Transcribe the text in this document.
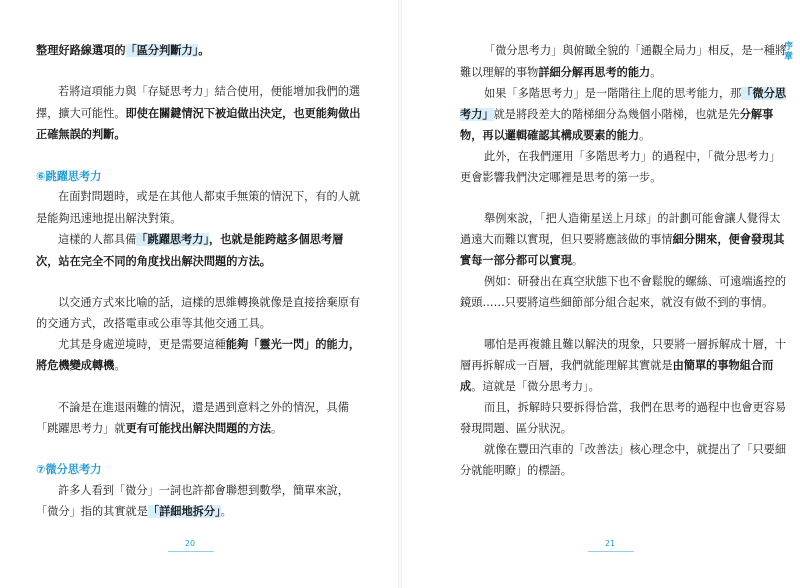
整理好路線選項的「區分判斷力」。

若將這項能力與「存疑思考力」結合使用，便能增加我們的選

擇，擴大可能性。即使在關鍵情況下被迫做出決定，也更能夠做出

正確無誤的判斷。

⑥跳躍思考力

在面對問題時，或是在其他人都束手無策的情況下，有的人就

是能夠迅速地提出解決對策。

這樣的人都具備「跳躍思考力」，也就是能跨越多個思考層

次，站在完全不同的角度找出解決問題的方法。

以交通方式來比喻的話，這樣的思維轉換就像是直接捨棄原有

的交通方式，改搭電車或公車等其他交通工具。

尤其是身處逆境時，更是需要這種能夠「靈光一閃」的能力，

將危機變成轉機。

不論是在進退兩難的情況，還是遇到意料之外的情況，具備

「跳躍思考力」就更有可能找出解決問題的方法。

⑦微分思考力

許多人看到「微分」一詞也許都會聯想到數學，簡單來說，

「微分」指的其實就是「詳細地拆分」。

20

「微分思考力」與俯瞰全貌的「通觀全局力」相反，是一種將

難以理解的事物詳細分解再思考的能力。

如果「多階思考力」是一階階往上爬的思考能力，那「微分思

考力」就是將段差大的階梯細分為幾個小階梯，也就是先分解事

物，再以邏輯確認其構成要素的能力。

此外，在我們運用「多階思考力」的過程中，「微分思考力」

更會影響我們決定哪裡是思考的第一步。

舉例來說，「把人造衛星送上月球」的計劃可能會讓人覺得太

過遠大而難以實現，但只要將應該做的事情細分開來，便會發現其

實每一部分都可以實現。

例如：研發出在真空狀態下也不會鬆脫的螺絲、可遠端遙控的

鏡頭……只要將這些細節部分組合起來，就沒有做不到的事情。

哪怕是再複雜且難以解決的現象，只要將一層拆解成十層，十

層再拆解成一百層，我們就能理解其實就是由簡單的事物組合而

成。這就是「微分思考力」。

而且，拆解時只要拆得恰當，我們在思考的過程中也會更容易

發現問題、區分狀況。

就像在豐田汽車的「改善法」核心理念中，就提出了「只要細

分就能明瞭」的標語。

序章
21
